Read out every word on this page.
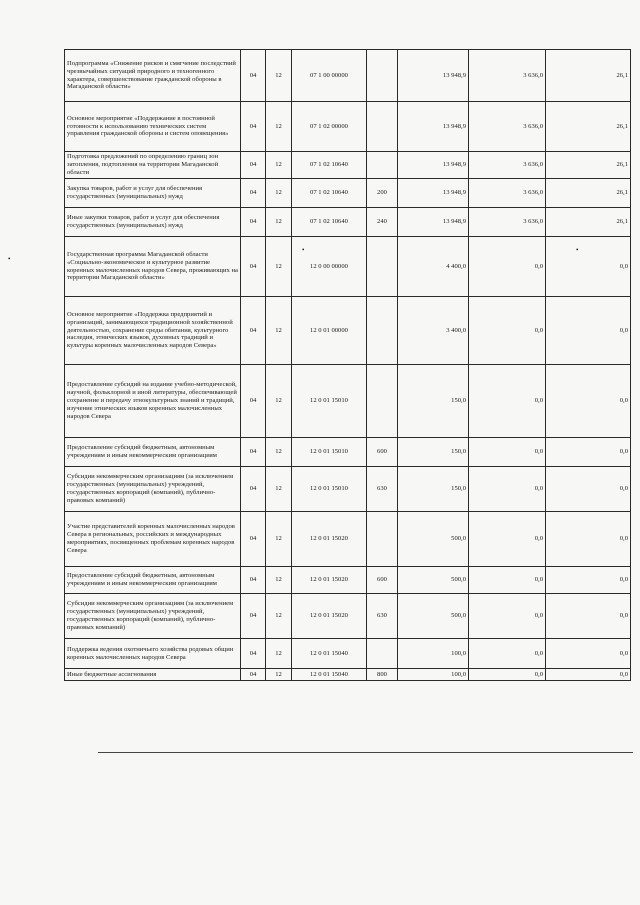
Подпрограмма «Снижение рисков и смягчение последствий чрезвычайных ситуаций природного и техногенного характера, совершенствование гражданской обороны в Магаданской области»	04	12	07 1 00 00000		13 948,9	3 636,0	26,1
Основное мероприятие «Поддержание в постоянной готовности к использованию технических систем управления гражданской обороны и систем оповещения»	04	12	07 1 02 00000		13 948,9	3 636,0	26,1
Подготовка предложений по определению границ зон затопления, подтопления на территории Магаданской области	04	12	07 1 02 10640		13 948,9	3 636,0	26,1
Закупка товаров, работ и услуг для обеспечения государственных (муниципальных) нужд	04	12	07 1 02 10640	200	13 948,9	3 636,0	26,1
Иные закупки товаров, работ и услуг для обеспечения государственных (муниципальных) нужд	04	12	07 1 02 10640	240	13 948,9	3 636,0	26,1
Государственная программа Магаданской области «Социально-экономическое и культурное развитие коренных малочисленных народов Севера, проживающих на территории Магаданской области»	04	12	12 0 00 00000		4 400,0	0,0	0,0
Основное мероприятие «Поддержка предприятий и организаций, занимающихся традиционной хозяйственной деятельностью, сохранение среды обитания, культурного наследия, этнических языков, духовных традиций и культуры коренных малочисленных народов Севера»	04	12	12 0 01 00000		3 400,0	0,0	0,0
Предоставление субсидий на издание учебно-методической, научной, фольклорной и иной литературы, обеспечивающей сохранение и передачу этнокультурных знаний и традиций, изучение этнических языков коренных малочисленных народов Севера	04	12	12 0 01 15010		150,0	0,0	0,0
Предоставление субсидий бюджетным, автономным учреждениям и иным некоммерческим организациям	04	12	12 0 01 15010	600	150,0	0,0	0,0
Субсидии некоммерческим организациям (за исключением государственных (муниципальных) учреждений, государственных корпораций (компаний), публично-правовых компаний)	04	12	12 0 01 15010	630	150,0	0,0	0,0
Участие представителей коренных малочисленных народов Севера в региональных, российских и международных мероприятиях, посвященных проблемам коренных народов Севера	04	12	12 0 01 15020		500,0	0,0	0,0
Предоставление субсидий бюджетным, автономным учреждениям и иным некоммерческим организациям	04	12	12 0 01 15020	600	500,0	0,0	0,0
Субсидии некоммерческим организациям (за исключением государственных (муниципальных) учреждений, государственных корпораций (компаний), публично-правовых компаний)	04	12	12 0 01 15020	630	500,0	0,0	0,0
Поддержка ведения охотничьего хозяйства родовых общин коренных малочисленных народов Севера	04	12	12 0 01 15040		100,0	0,0	0,0
Иные бюджетные ассигнования	04	12	12 0 01 15040	800	100,0	0,0	0,0
•
•	•
